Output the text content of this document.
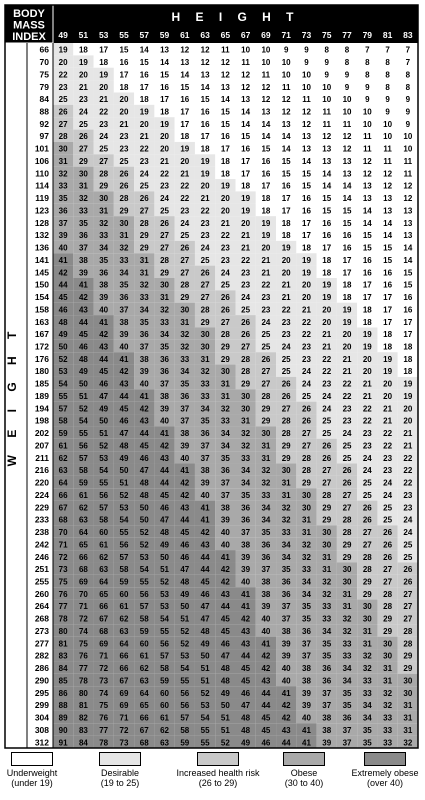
BODY
MASS
INDEX
H E I G H T
49 51 53 55 57 59 61 63 65 67 69 71 73 75 77 79 81 83
19 18 17 15 14 13 12 12 11 10 10 9 9 8 8 7 7 7
20 19 18 16 15 14 13 12 12 11 10 10 9 9 8 8 8 7
22 20 19 17 16 15 14 13 12 12 11 10 10 9 9 8 8 8
23 21 20 18 17 16 15 14 13 12 12 11 10 10 9 9 8 8
25 23 21 20 18 17 16 15 14 13 12 12 11 10 10 9 9 9
26 24 22 20 19 18 17 16 15 14 13 12 12 11 10 10 9 9
27 25 23 21 20 19 17 16 15 14 14 13 12 11 11 10 10 9
28 26 24 23 21 20 18 17 16 15 14 14 13 12 12 11 10 10
30 27 25 23 22 20 19 18 17 16 15 14 13 13 12 11 11 10
31 29 27 25 23 21 20 19 18 17 16 15 14 13 13 12 11 11
32 30 28 26 24 22 21 19 18 17 16 15 15 14 13 12 12 11
33 31 29 26 25 23 22 20 19 18 17 16 15 14 14 13 12 12
35 32 30 28 26 24 22 21 20 19 18 17 16 15 14 13 13 12
36 33 31 29 27 25 23 22 20 19 18 17 16 15 15 14 13 13
37 35 32 30 28 26 24 23 21 20 19 18 17 16 15 14 14 13
39 36 33 31 29 27 25 23 22 21 19 18 17 16 16 15 14 13
40 37 34 32 29 27 26 24 23 21 20 19 18 17 16 15 15 14
41 38 35 33 31 28 27 25 23 22 21 20 19 18 17 16 15 14
42 39 36 34 31 29 27 26 24 23 21 20 19 18 17 16 16 15
44 41 38 35 32 30 28 27 25 23 22 21 20 19 18 17 16 15
45 42 39 36 33 31 29 27 26 24 23 21 20 19 18 17 17 16
46 43 40 37 34 32 30 28 26 25 23 22 21 20 19 18 17 16
48 44 41 38 35 33 31 29 27 26 24 23 22 20 19 18 17 17
49 45 42 39 36 34 32 30 28 26 25 23 22 21 20 19 18 17
50 46 43 40 37 35 32 30 29 27 25 24 23 21 20 19 18 18
52 48 44 41 38 36 33 31 29 28 26 25 23 22 21 20 19 18
53 49 45 42 39 36 34 32 30 28 27 25 24 22 21 20 19 18
54 50 46 43 40 37 35 33 31 29 27 26 24 23 22 21 20 19
55 51 47 44 41 38 36 33 31 30 28 26 25 24 22 21 20 19
57 52 49 45 42 39 37 34 32 30 29 27 26 24 23 22 21 20
58 54 50 46 43 40 37 35 33 31 29 28 26 25 23 22 21 20
59 55 51 47 44 41 38 36 34 32 30 28 27 25 24 23 22 21
61 56 52 48 45 42 39 37 34 32 31 29 27 26 25 23 22 21
62 57 53 49 46 43 40 37 35 33 31 29 28 26 25 24 23 22
63 58 54 50 47 44 41 38 36 34 32 30 28 27 26 24 23 22
64 59 55 51 48 44 42 39 37 34 32 31 29 27 26 25 24 22
66 61 56 52 48 45 42 40 37 35 33 31 30 28 27 25 24 23
67 62 57 53 50 46 43 41 38 36 34 32 30 29 27 26 25 23
68 63 58 54 50 47 44 41 39 36 34 32 31 29 28 26 25 24
70 64 60 55 52 48 45 42 40 37 35 33 31 30 28 27 26 24
71 65 61 56 52 49 46 43 40 38 36 34 32 30 29 27 26 25
72 66 62 57 53 50 46 44 41 39 36 34 32 31 29 28 26 25
73 68 63 58 54 51 47 44 42 39 37 35 33 31 30 28 27 26
75 69 64 59 55 52 48 45 42 40 38 36 34 32 30 29 27 26
76 70 65 60 56 53 49 46 43 41 38 36 34 32 31 29 28 27
77 71 66 61 57 53 50 47 44 41 39 37 35 33 31 30 28 27
78 72 67 62 58 54 51 47 45 42 40 37 35 33 32 30 29 27
80 74 68 63 59 55 52 48 45 43 40 38 36 34 32 31 29 28
81 75 69 64 60 56 52 49 46 43 41 39 37 35 33 31 30 28
83 76 71 66 61 57 53 50 47 44 42 39 37 35 33 32 30 29
84 77 72 66 62 58 54 51 48 45 42 40 38 36 34 32 31 29
85 78 73 67 63 59 55 51 48 45 43 40 38 36 34 33 31 30
86 80 74 69 64 60 56 52 49 46 44 41 39 37 35 33 32 30
88 81 75 69 65 60 56 53 50 47 44 42 39 37 35 34 32 31
89 82 76 71 66 61 57 54 51 48 45 42 40 38 36 34 33 31
90 83 77 72 67 62 58 55 51 48 45 43 41 38 37 35 33 31
91 84 78 73 68 63 59 55 52 49 46 44 41 39 37 35 33 32
66
70
75
79
84
88
92
97
101
106
110
114
119
123
128
132
136
141
145
150
154
158
163
167
172
176
180
185
189
194
198
202
207
211
216
220
224
229
233
238
242
246
251
255
260
264
268
273
277
282
286
290
295
299
304
308
312
W E I G H T
Underweight
(under 19)
Desirable
(19 to 25)
Increased health risk
(26 to 29)
Obese
(30 to 40)
Extremely obese
(over 40)
